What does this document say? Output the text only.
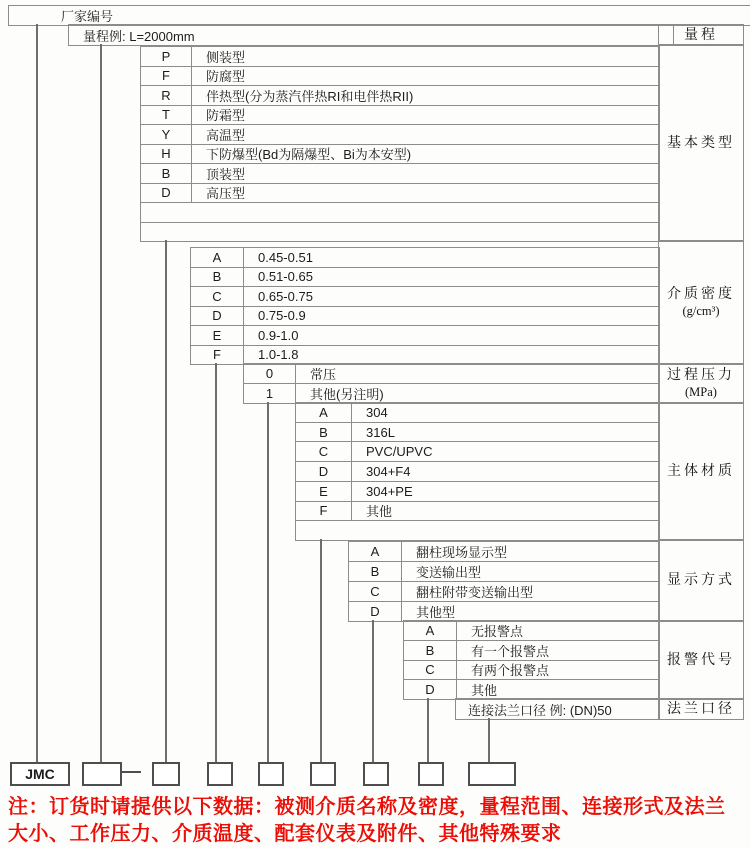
厂家编号
量程例: L=2000mm	量程
P	侧装型
F	防腐型
R	伴热型(分为蒸汽伴热RI和电伴热RII)
T	防霜型
Y	高温型
H	下防爆型(Bd为隔爆型、Bi为本安型)
B	顶装型
D	高压型
基本类型
A	0.45-0.51
B	0.51-0.65
C	0.65-0.75
D	0.75-0.9
E	0.9-1.0
F	1.0-1.8
介质密度
(g/cm³)
0	常压
1	其他(另注明)
过程压力
(MPa)
A	304
B	316L
C	PVC/UPVC
D	304+F4
E	304+PE
F	其他
主体材质
A	翻柱现场显示型
B	变送输出型
C	翻柱附带变送输出型
D	其他型
显示方式
A	无报警点
B	有一个报警点
C	有两个报警点
D	其他
报警代号
连接法兰口径 例: (DN)50	法兰口径
JMC
注：订货时请提供以下数据：被测介质名称及密度，量程范围、连接形式及法兰
大小、工作压力、介质温度、配套仪表及附件、其他特殊要求
